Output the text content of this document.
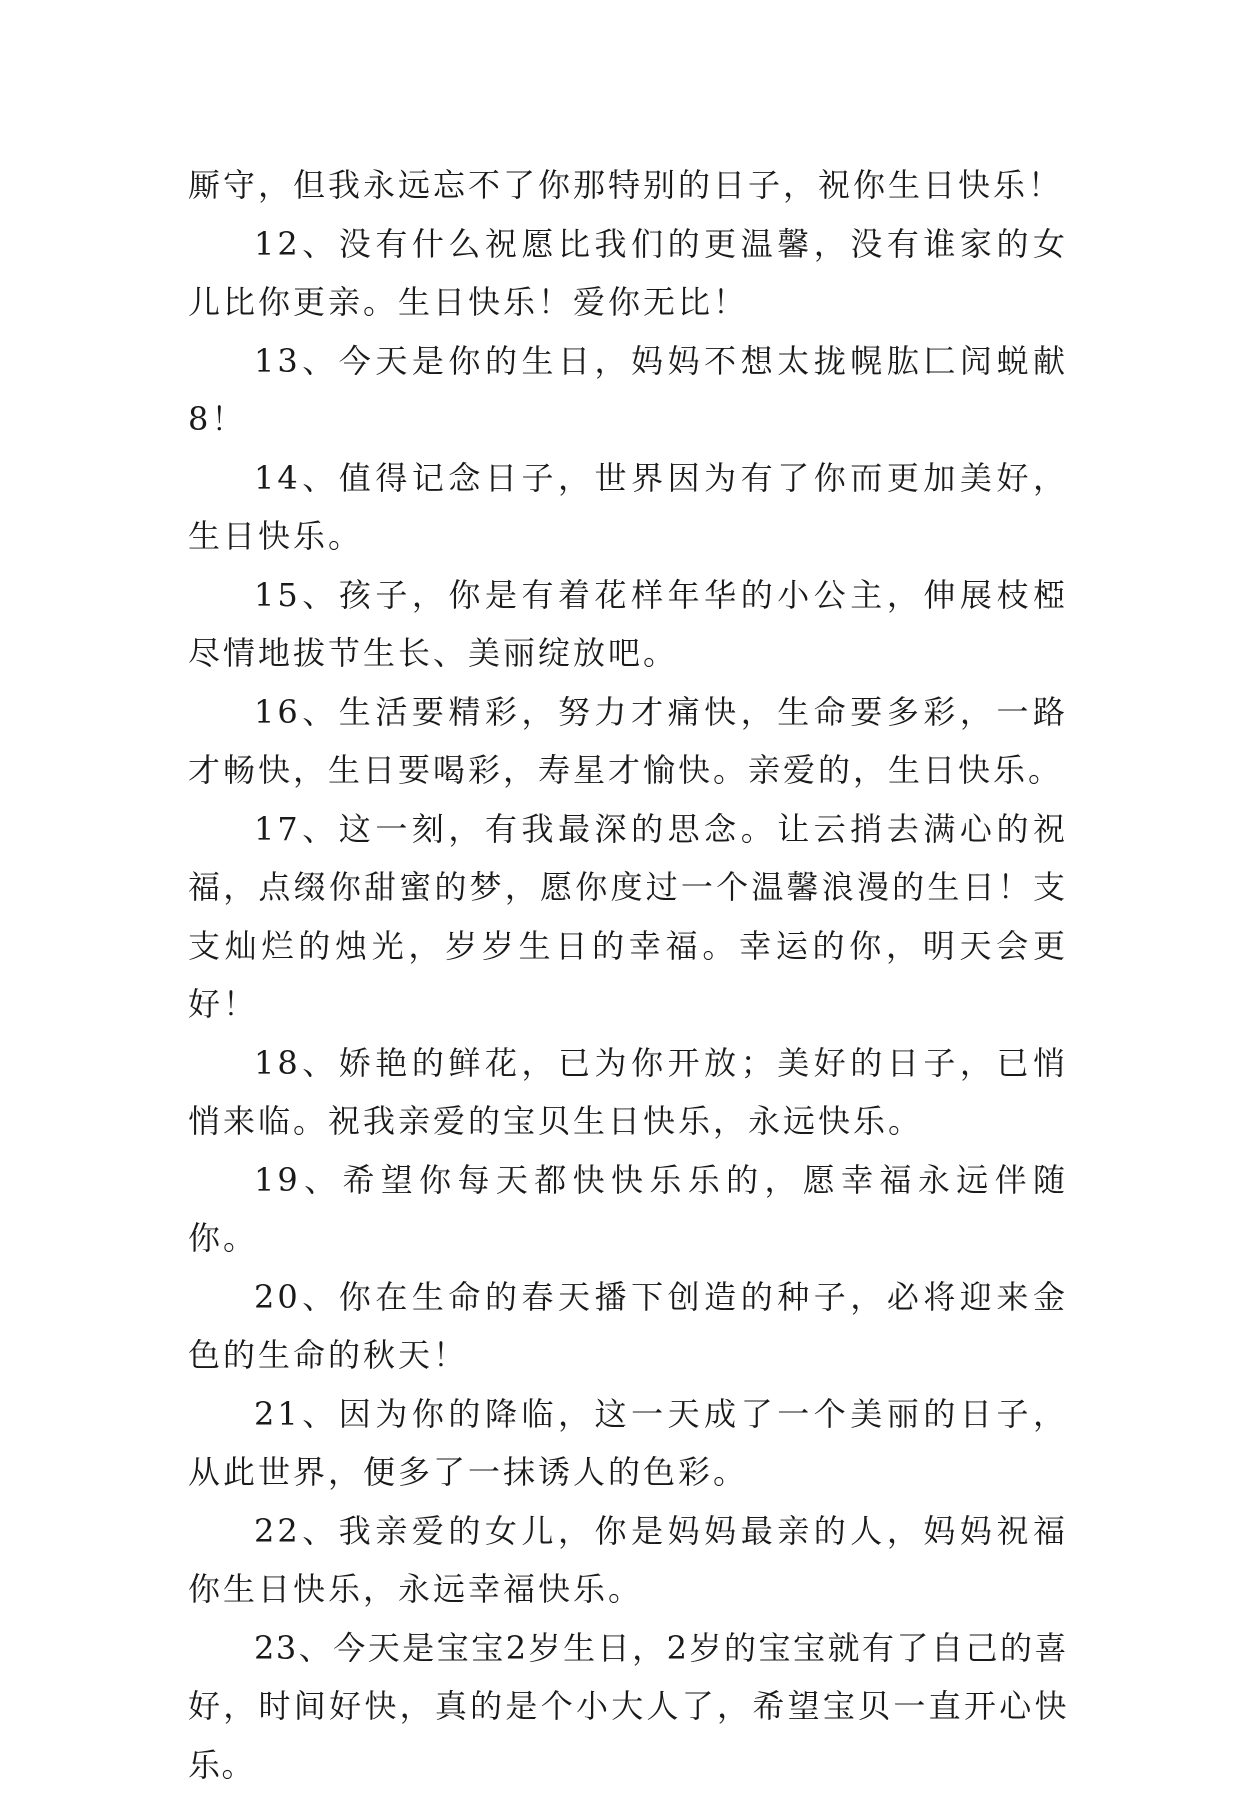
厮守，但我永远忘不了你那特别的日子，祝你生日快乐！

12、没有什么祝愿比我们的更温馨，没有谁家的女儿比你更亲。生日快乐！爱你无比！

13、今天是你的生日，妈妈不想太拢幌肱匚闶蜕献8！

14、值得记念日子，世界因为有了你而更加美好，生日快乐。

15、孩子，你是有着花样年华的小公主，伸展枝椏尽情地拔节生长、美丽绽放吧。

16、生活要精彩，努力才痛快，生命要多彩，一路才畅快，生日要喝彩，寿星才愉快。亲爱的，生日快乐。

17、这一刻，有我最深的思念。让云捎去满心的祝福，点缀你甜蜜的梦，愿你度过一个温馨浪漫的生日！支支灿烂的烛光，岁岁生日的幸福。幸运的你，明天会更好！

18、娇艳的鲜花，已为你开放；美好的日子，已悄悄来临。祝我亲爱的宝贝生日快乐，永远快乐。

19、希望你每天都快快乐乐的，愿幸福永远伴随你。

20、你在生命的春天播下创造的种子，必将迎来金色的生命的秋天！

21、因为你的降临，这一天成了一个美丽的日子，从此世界，便多了一抹诱人的色彩。

22、我亲爱的女儿，你是妈妈最亲的人，妈妈祝福你生日快乐，永远幸福快乐。

23、今天是宝宝2岁生日，2岁的宝宝就有了自己的喜好，时间好快，真的是个小大人了，希望宝贝一直开心快乐。
